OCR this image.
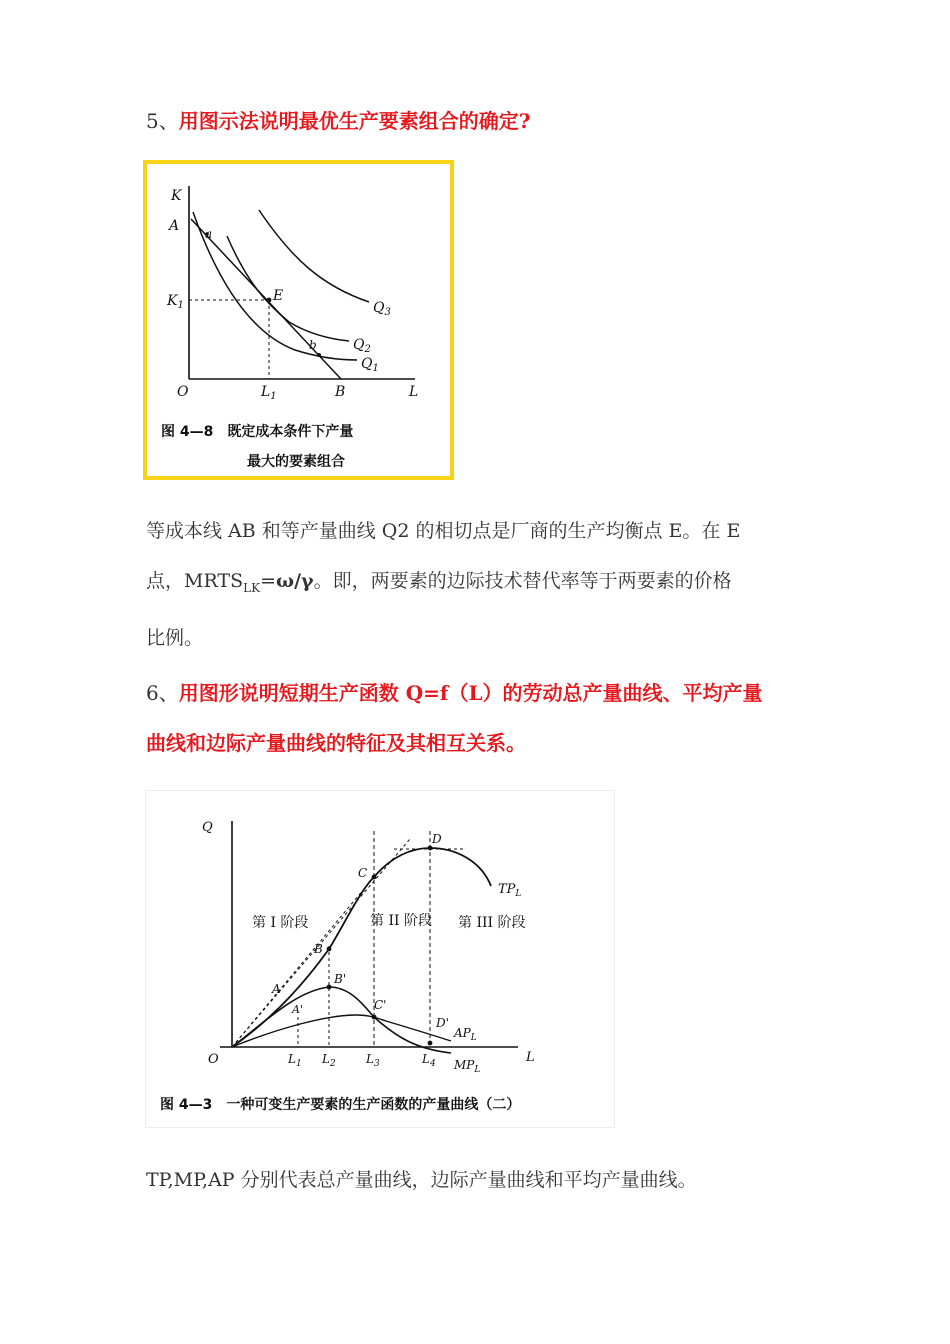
5、用图示法说明最优生产要素组合的确定?

K
A a
$K_1$
E
$Q_3$
$Q_2$
b
$Q_1$
O	$L_1$	B	L
图 4—8　既定成本条件下产量
最大的要素组合
等成本线 AB 和等产量曲线 Q2 的相切点是厂商的生产均衡点 E。在 E
点，$MRTS_{LK}=\omega/\gamma$。即，两要素的边际技术替代率等于两要素的价格
比例。

6、用图形说明短期生产函数 Q=f（L）的劳动总产量曲线、平均产量
曲线和边际产量曲线的特征及其相互关系。

Q
O	L
第 I 阶段	第 II 阶段 第 III 阶段
A
B
C
D
A'
B'
C'
D'
$TP_L$
$AP_L$
$MP_L$
$L_1$ $L_2$	$L_3$	$L_4$
图 4—3　一种可变生产要素的生产函数的产量曲线（二）
TP,MP,AP 分别代表总产量曲线，边际产量曲线和平均产量曲线。
